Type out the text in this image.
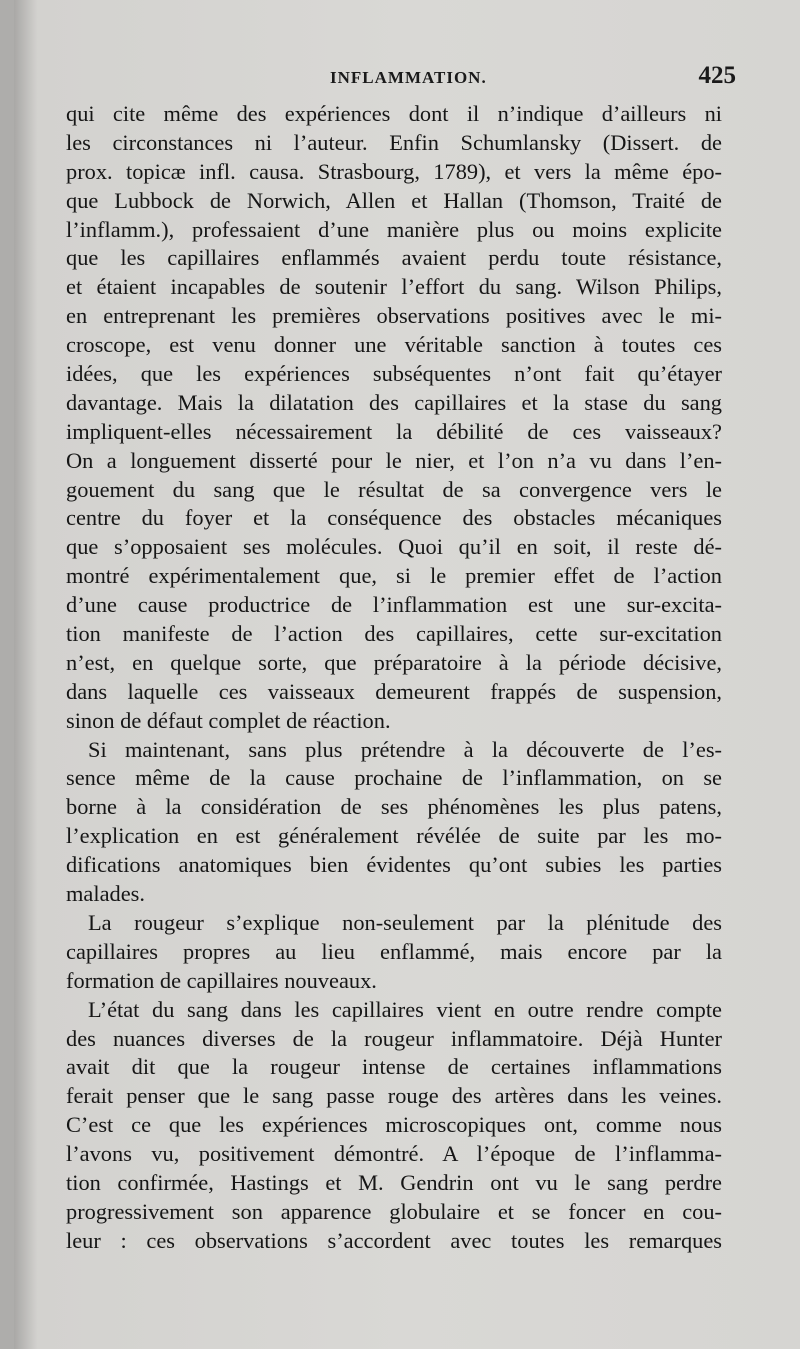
INFLAMMATION.	425
qui cite même des expériences dont il n’indique d’ailleurs ni
les circonstances ni l’auteur. Enfin Schumlansky (Dissert. de
prox. topicæ infl. causa. Strasbourg, 1789), et vers la même épo-
que Lubbock de Norwich, Allen et Hallan (Thomson, Traité de
l’inflamm.), professaient d’une manière plus ou moins explicite
que les capillaires enflammés avaient perdu toute résistance,
et étaient incapables de soutenir l’effort du sang. Wilson Philips,
en entreprenant les premières observations positives avec le mi-
croscope, est venu donner une véritable sanction à toutes ces
idées, que les expériences subséquentes n’ont fait qu’étayer
davantage. Mais la dilatation des capillaires et la stase du sang
impliquent-elles nécessairement la débilité de ces vaisseaux?
On a longuement disserté pour le nier, et l’on n’a vu dans l’en-
gouement du sang que le résultat de sa convergence vers le
centre du foyer et la conséquence des obstacles mécaniques
que s’opposaient ses molécules. Quoi qu’il en soit, il reste dé-
montré expérimentalement que, si le premier effet de l’action
d’une cause productrice de l’inflammation est une sur-excita-
tion manifeste de l’action des capillaires, cette sur-excitation
n’est, en quelque sorte, que préparatoire à la période décisive,
dans laquelle ces vaisseaux demeurent frappés de suspension,
sinon de défaut complet de réaction.
Si maintenant, sans plus prétendre à la découverte de l’es-
sence même de la cause prochaine de l’inflammation, on se
borne à la considération de ses phénomènes les plus patens,
l’explication en est généralement révélée de suite par les mo-
difications anatomiques bien évidentes qu’ont subies les parties
malades.
La rougeur s’explique non-seulement par la plénitude des
capillaires propres au lieu enflammé, mais encore par la
formation de capillaires nouveaux.
L’état du sang dans les capillaires vient en outre rendre compte
des nuances diverses de la rougeur inflammatoire. Déjà Hunter
avait dit que la rougeur intense de certaines inflammations
ferait penser que le sang passe rouge des artères dans les veines.
C’est ce que les expériences microscopiques ont, comme nous
l’avons vu, positivement démontré. A l’époque de l’inflamma-
tion confirmée, Hastings et M. Gendrin ont vu le sang perdre
progressivement son apparence globulaire et se foncer en cou-
leur : ces observations s’accordent avec toutes les remarques
